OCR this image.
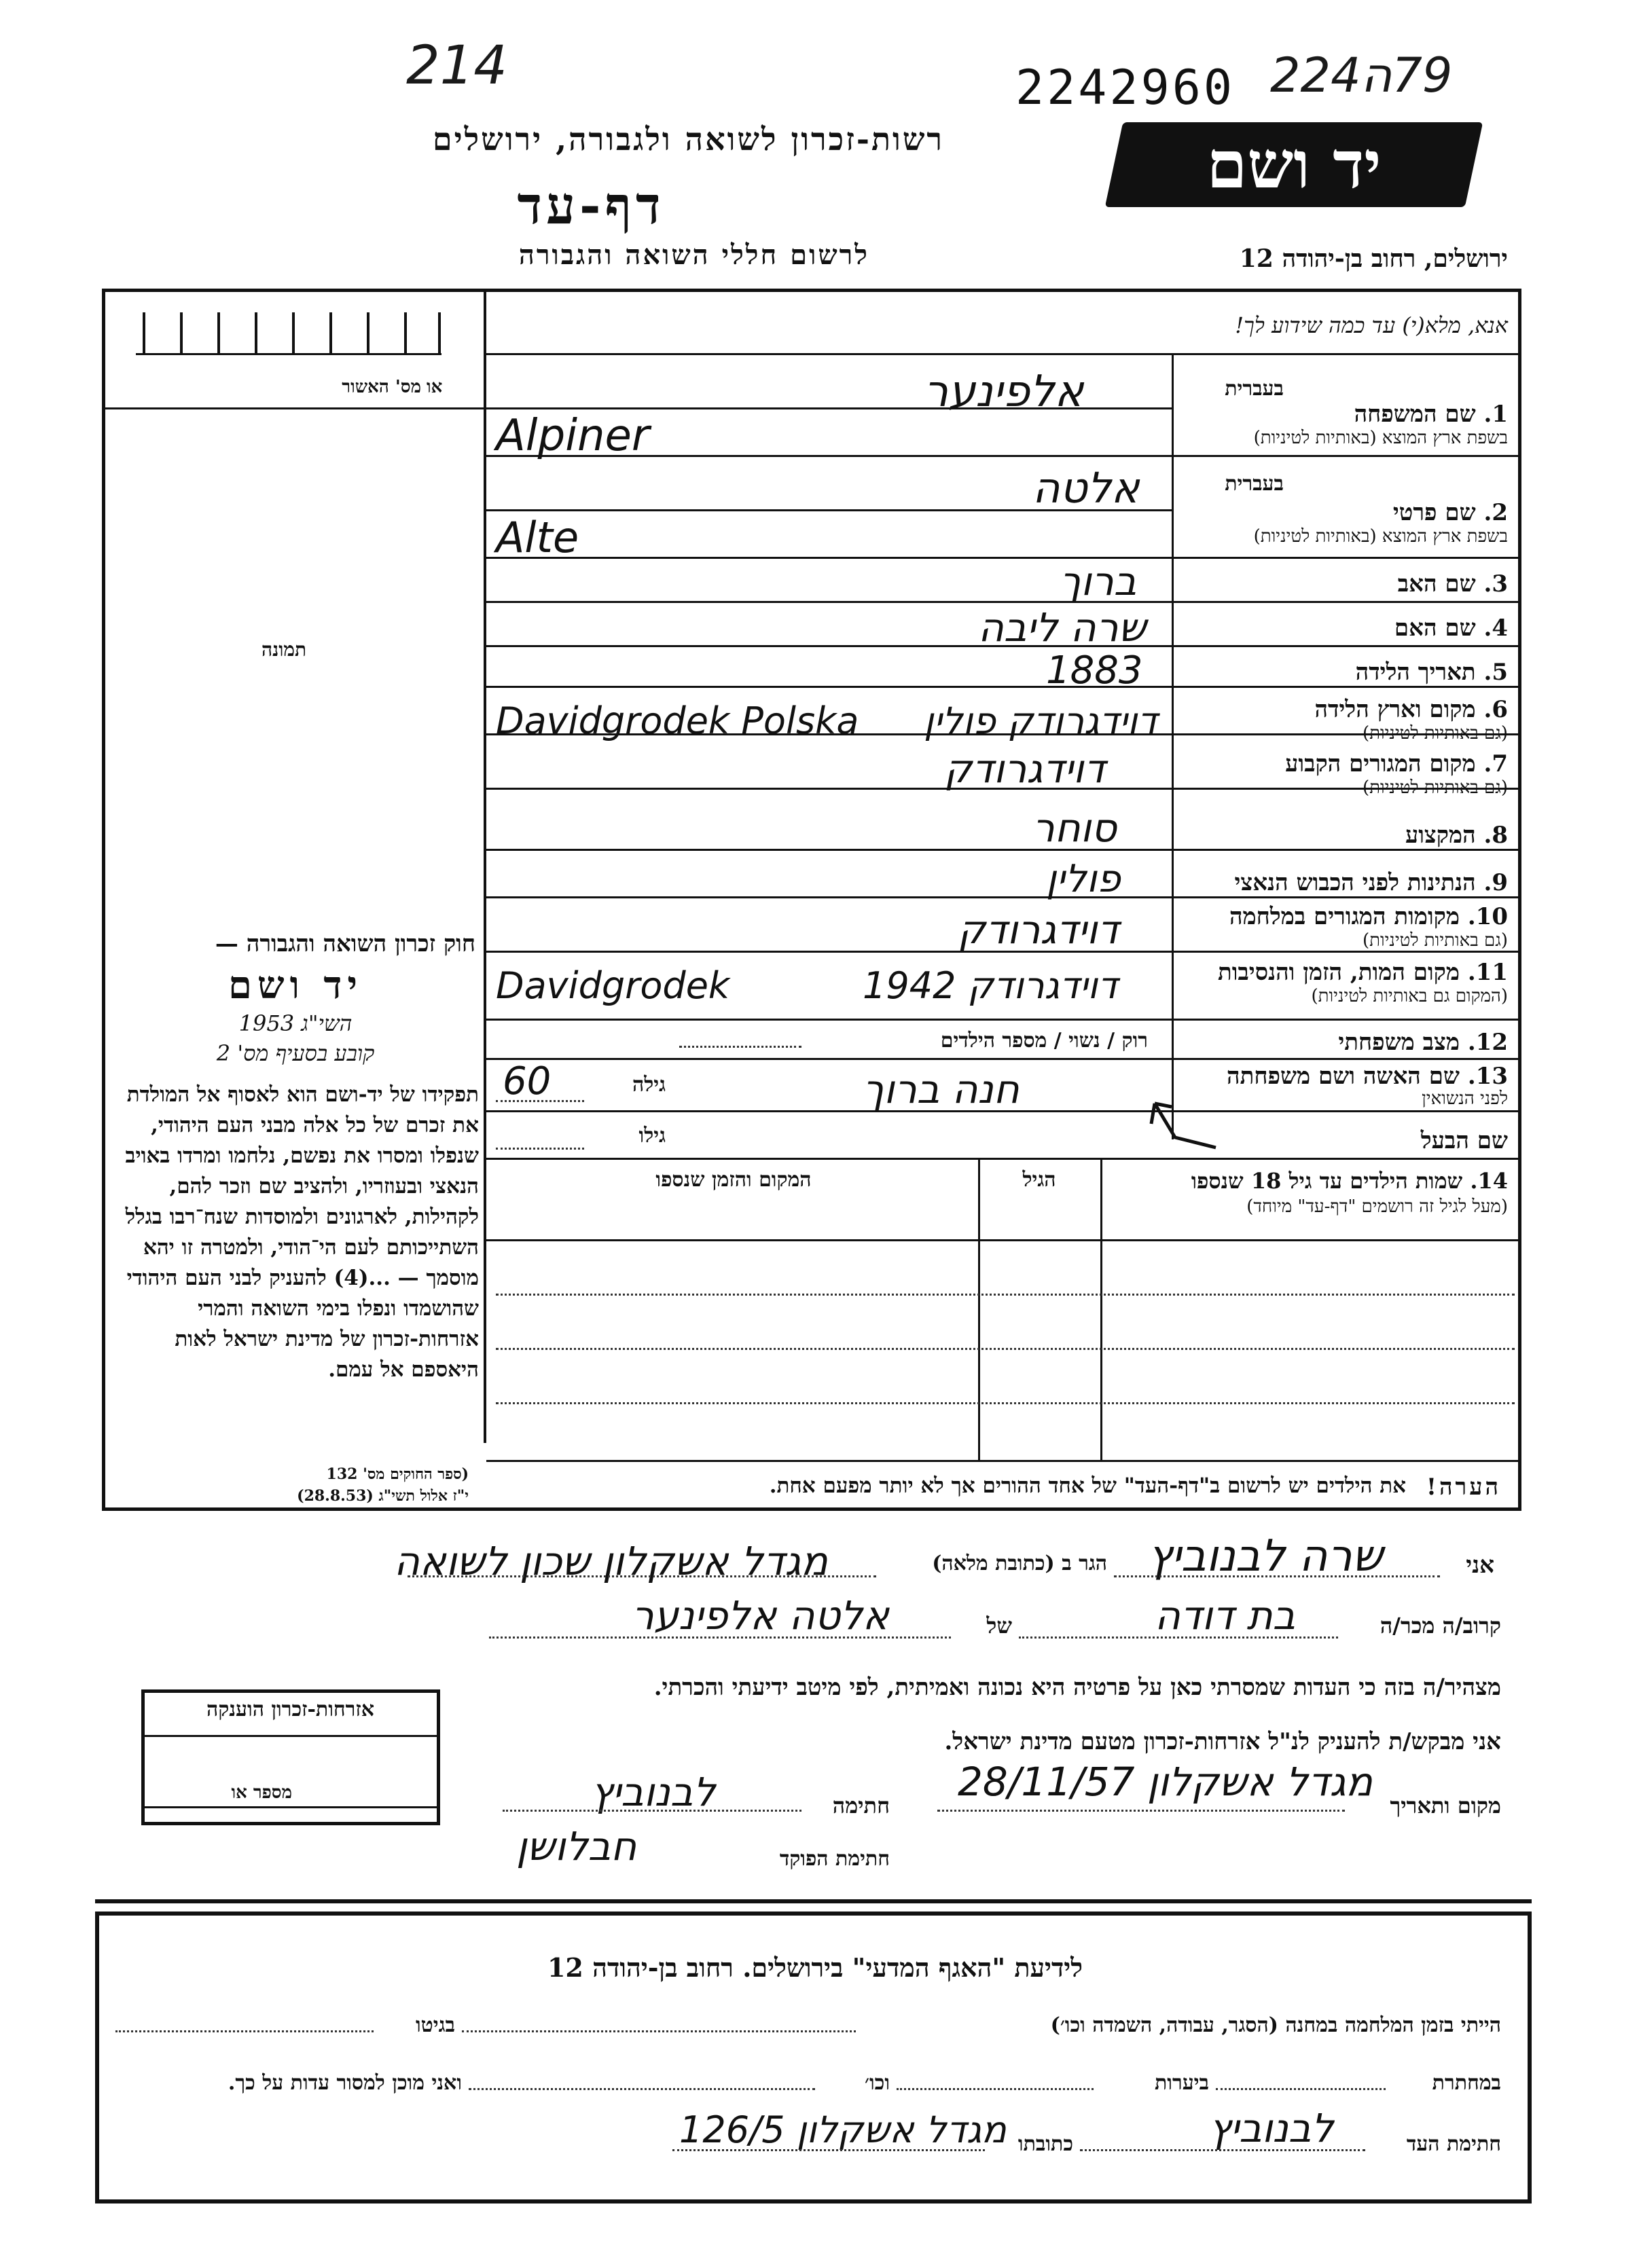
214	2242960 79ה224
יד ושם
רשות-זכרון לשואה ולגבורה, ירושלים
דף-עד
לרשום חללי השואה והגבורה	ירושלים, רחוב בן-יהודה 12
מס' האשור או
תמונה
חוק זכרון השואה והגבורה —
יד ושם
השי"ג 1953
קובע בסעיף מס' 2
תפקידו של יד-ושם הוא לאסוף אל המולדת את זכרם של כל אלה מבני העם היהודי, שנפלו ומסרו את נפשם, נלחמו ומרדו באויב הנאצי ובעוזריו, ולהציב שם וזכר להם, לקהילות, לארגונים ולמוסדות שנח־רבו בגלל השתייכותם לעם הי־הודי, ולמטרה זו יהא מוסמך — ...(4) להעניק לבני העם היהודי שהושמדו ונפלו בימי השואה והמרי אזרחות-זכרון של מדינת ישראל לאות היאספם אל עמם.
(ספר החוקים מס' 132
י"ז אלול תשי"ג (28.8.53)
אנא, מלא(י) עד כמה שידוע לך!
בעברית
1. שם המשפחה
בשפת ארץ המוצא (באותיות לטיניות)
אלפינער
Alpiner
בעברית
2. שם פרטי
בשפת ארץ המוצא (באותיות לטיניות)
אלטה
Alte
3. שם האב
ברוך
4. שם האם
שרה ליבה
5. תאריך הלידה
1883
6. מקום וארץ הלידה
(גם באותיות לטיניות)
Davidgrodek Polska דוידגרודק פולין
7. מקום המגורים הקבוע
(גם באותיות לטיניות)
דוידגרודק
8. המקצוע
סוחר
9. הנתינות לפני הכבוש הנאצי
פולין
10. מקומות המגורים במלחמה
(גם באותיות לטיניות)
דוידגרודק
11. מקום המות, הזמן והנסיבות
(המקום גם באותיות לטיניות)
Davidgrodek	דוידגרודק 1942
12. מצב משפחתי
רוק / נשוי / מספר הילדים
13. שם האשה ושם משפחתה
לפני הנשואין
חנה ברוך
גילה
60
שם הבעל
גילו
14. שמות הילדים עד גיל 18 שנספו
(מעל לגיל זה רושמים "דף-עד" מיוחד)
הגיל
המקום והזמן שנספו
הערה!
את הילדים יש לרשום ב"דף-העד" של אחד ההורים אך לא יותר מפעם אחת.
אני
שרה לבנוביץ
הגר ב (כתובת מלאה)
מגדל אשקלון שכון לשואה
קרוב/ה מכר/ה
בת דודה
של
אלטה אלפינער
מצהיר/ה בזה כי העדות שמסרתי כאן על פרטיה היא נכונה ואמיתית, לפי מיטב ידיעתי והכרתי.
אני מבקש/ת להעניק לנ"ל אזרחות-זכרון מטעם מדינת ישראל.
אזרחות-זכרון הוענקה
מספר או	מקום ותאריך
מגדל אשקלון 28/11/57
חתימה
לבנוביץ
חתימת הפוקד
חבלושן
לידיעת "האגף המדעי" בירושלים. רחוב בן-יהודה 12
הייתי בזמן המלחמה במחנה (הסגר, עבודה, השמדה וכו׳)
בגיטו
במחתרת
ביערות
וכו׳
ואני מוכן למסור עדות על כך.
חתימת העד
לבנוביץ
כתובתו
מגדל אשקלון 126/5
